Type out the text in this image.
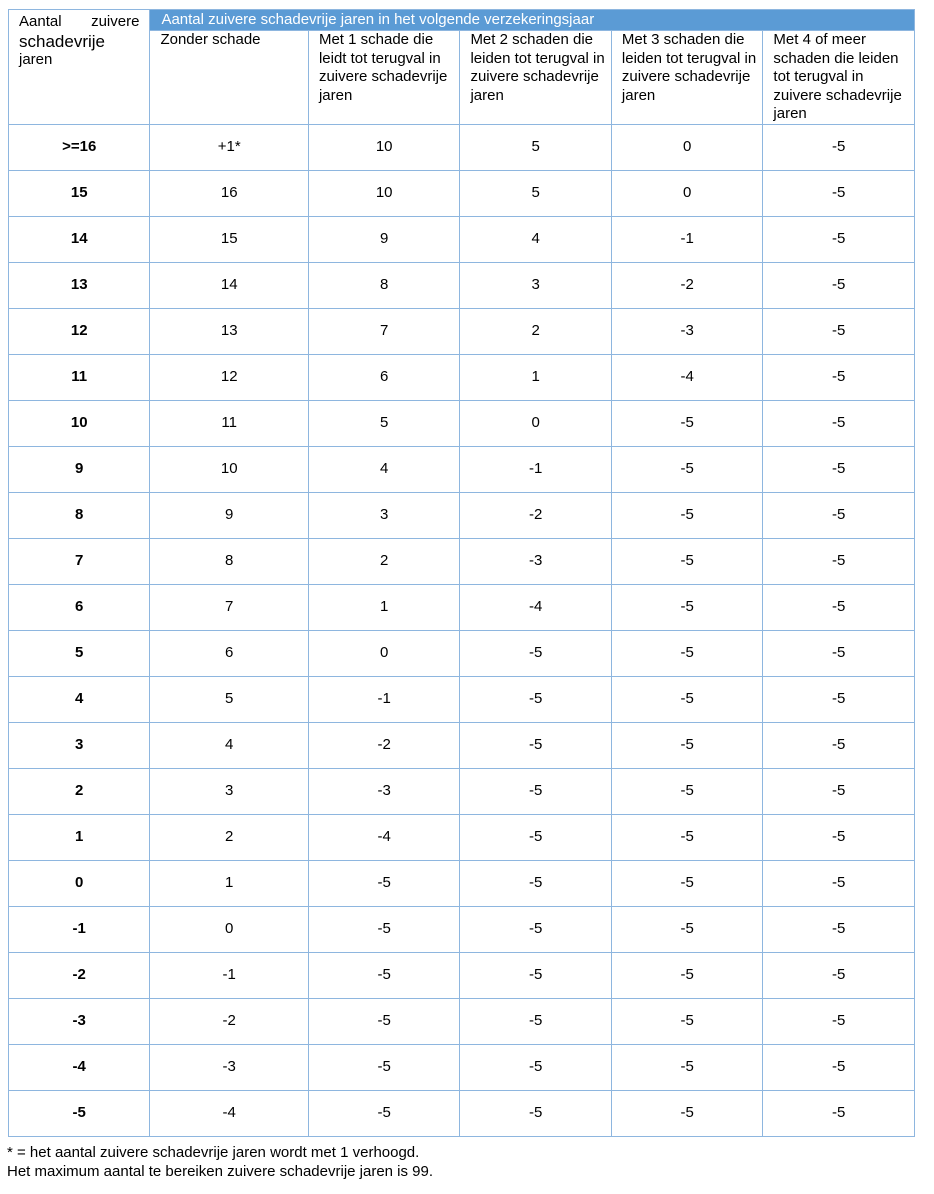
Aantal zuivere
schadevrije
jaren	Aantal zuivere schadevrije jaren in het volgende verzekeringsjaar				
	Zonder schade	Met 1 schade die leidt tot terugval in zuivere schadevrije jaren	Met 2 schaden die leiden tot terugval in zuivere schadevrije jaren	Met 3 schaden die leiden tot terugval in zuivere schadevrije jaren	Met 4 of meer schaden die leiden tot terugval in zuivere schadevrije jaren
>=16	+1*	10	5	0	-5
15	16	10	5	0	-5
14	15	9	4	-1	-5
13	14	8	3	-2	-5
12	13	7	2	-3	-5
11	12	6	1	-4	-5
10	11	5	0	-5	-5
9	10	4	-1	-5	-5
8	9	3	-2	-5	-5
7	8	2	-3	-5	-5
6	7	1	-4	-5	-5
5	6	0	-5	-5	-5
4	5	-1	-5	-5	-5
3	4	-2	-5	-5	-5
2	3	-3	-5	-5	-5
1	2	-4	-5	-5	-5
0	1	-5	-5	-5	-5
-1	0	-5	-5	-5	-5
-2	-1	-5	-5	-5	-5
-3	-2	-5	-5	-5	-5
-4	-3	-5	-5	-5	-5
-5	-4	-5	-5	-5	-5
* = het aantal zuivere schadevrije jaren wordt met 1 verhoogd.
Het maximum aantal te bereiken zuivere schadevrije jaren is 99.
